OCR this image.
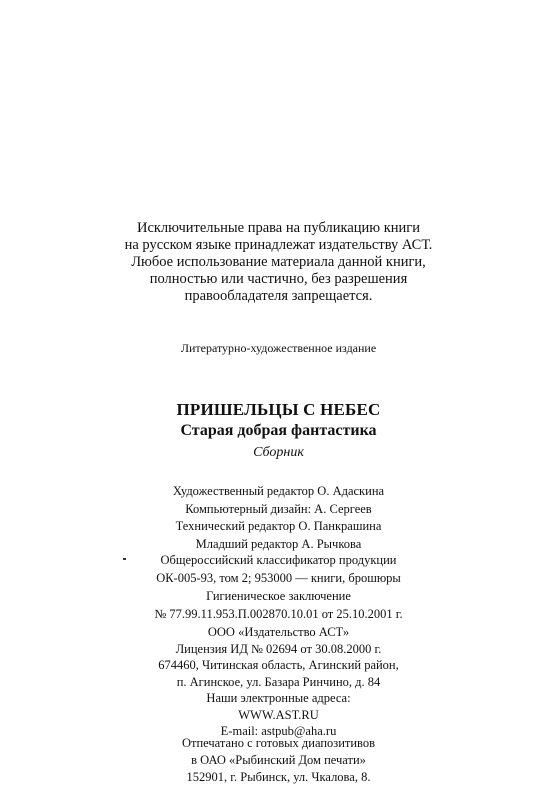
Исключительные права на публикацию книги
на русском языке принадлежат издательству АСТ.
Любое использование материала данной книги,
полностью или частично, без разрешения
правообладателя запрещается.
Литературно-художественное издание
ПРИШЕЛЬЦЫ С НЕБЕС
Старая добрая фантастика
Сборник
Художественный редактор О. Адаскина
Компьютерный дизайн: А. Сергеев
Технический редактор О. Панкрашина
Младший редактор А. Рычкова
Общероссийский классификатор продукции
ОК-005-93, том 2; 953000 — книги, брошюры
Гигиеническое заключение
№ 77.99.11.953.П.002870.10.01 от 25.10.2001 г.
ООО «Издательство АСТ»
Лицензия ИД № 02694 от 30.08.2000 г.
674460, Читинская область, Агинский район,
п. Агинское, ул. Базара Ринчино, д. 84
Наши электронные адреса:
WWW.AST.RU
E-mail: astpub@aha.ru
Отпечатано с готовых диапозитивов
в ОАО «Рыбинский Дом печати»
152901, г. Рыбинск, ул. Чкалова, 8.
